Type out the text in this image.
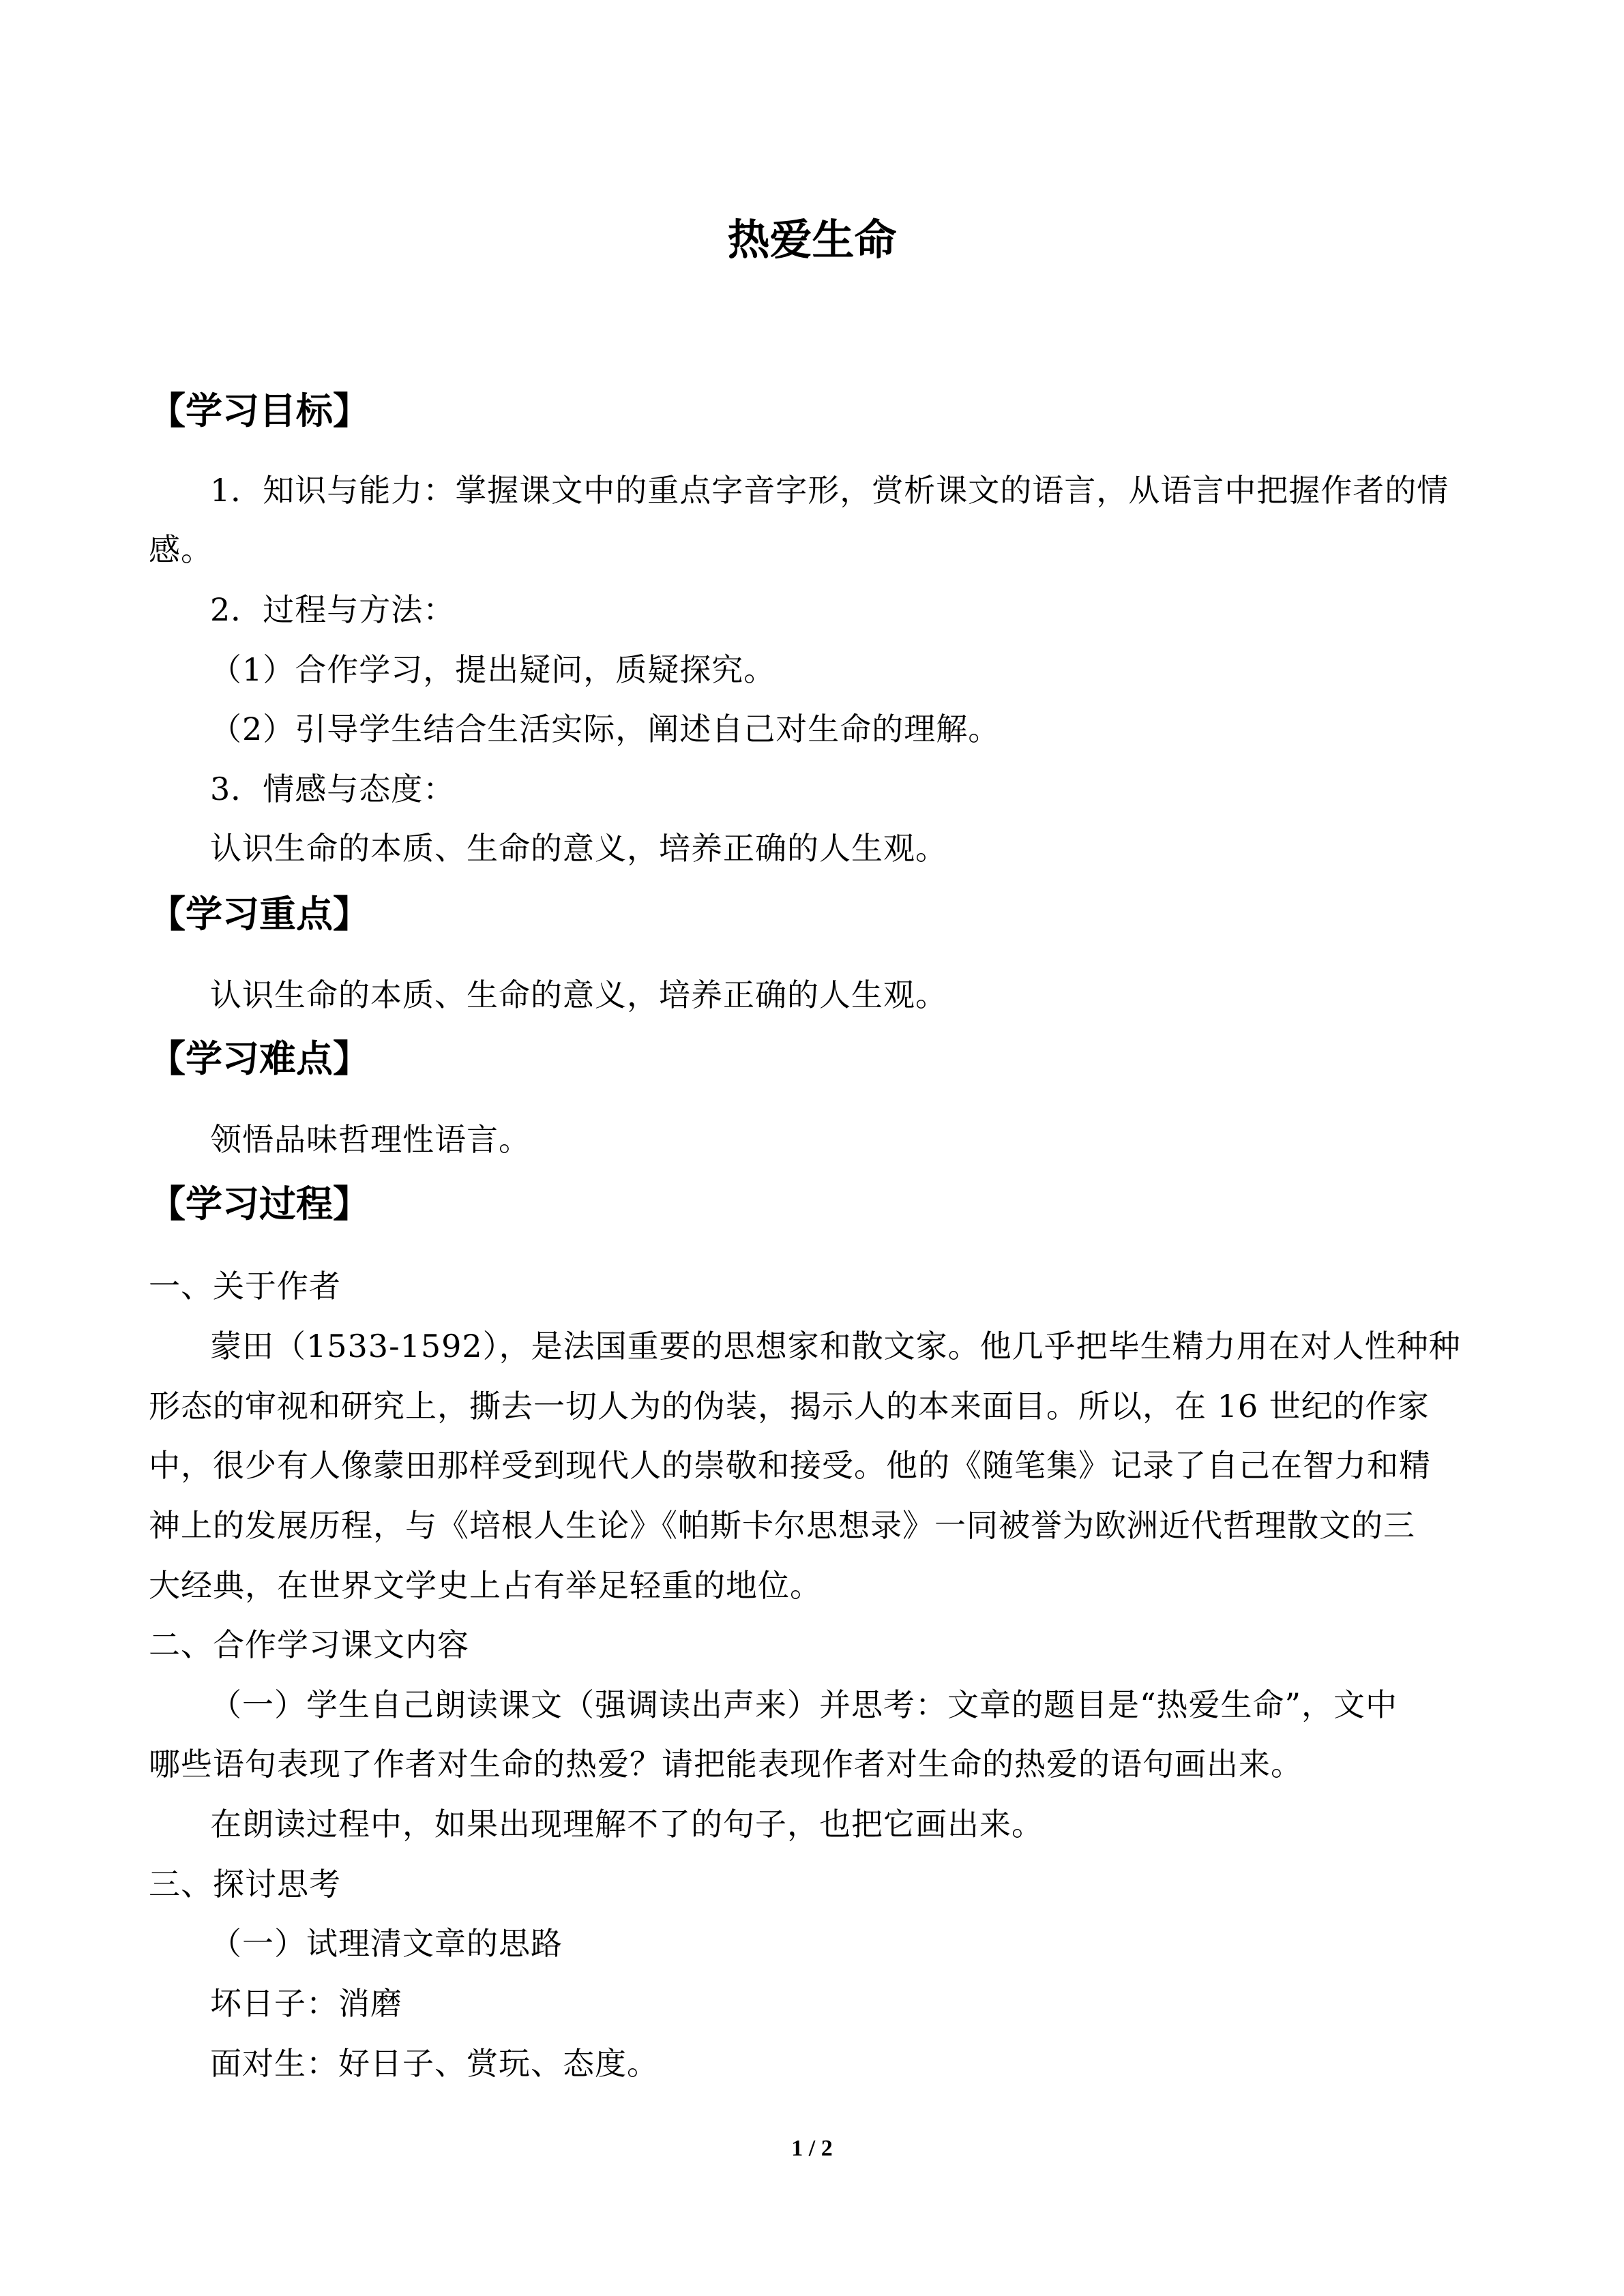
热爱生命
【学习目标】
1．知识与能力：掌握课文中的重点字音字形，赏析课文的语言，从语言中把握作者的情
感。
2．过程与方法：
（1）合作学习，提出疑问，质疑探究。
（2）引导学生结合生活实际，阐述自己对生命的理解。
3．情感与态度：
认识生命的本质、生命的意义，培养正确的人生观。
【学习重点】
认识生命的本质、生命的意义，培养正确的人生观。
【学习难点】
领悟品味哲理性语言。
【学习过程】
一、关于作者
蒙田（1533-1592），是法国重要的思想家和散文家。他几乎把毕生精力用在对人性种种
形态的审视和研究上，撕去一切人为的伪装，揭示人的本来面目。所以，在 16 世纪的作家
中，很少有人像蒙田那样受到现代人的崇敬和接受。他的《随笔集》记录了自己在智力和精
神上的发展历程，与《培根人生论》《帕斯卡尔思想录》一同被誉为欧洲近代哲理散文的三
大经典，在世界文学史上占有举足轻重的地位。
二、合作学习课文内容
（一）学生自己朗读课文（强调读出声来）并思考：文章的题目是“热爱生命”，文中
哪些语句表现了作者对生命的热爱？请把能表现作者对生命的热爱的语句画出来。
在朗读过程中，如果出现理解不了的句子，也把它画出来。
三、探讨思考
（一）试理清文章的思路
坏日子：消磨
面对生：好日子、赏玩、态度。
1 / 2
